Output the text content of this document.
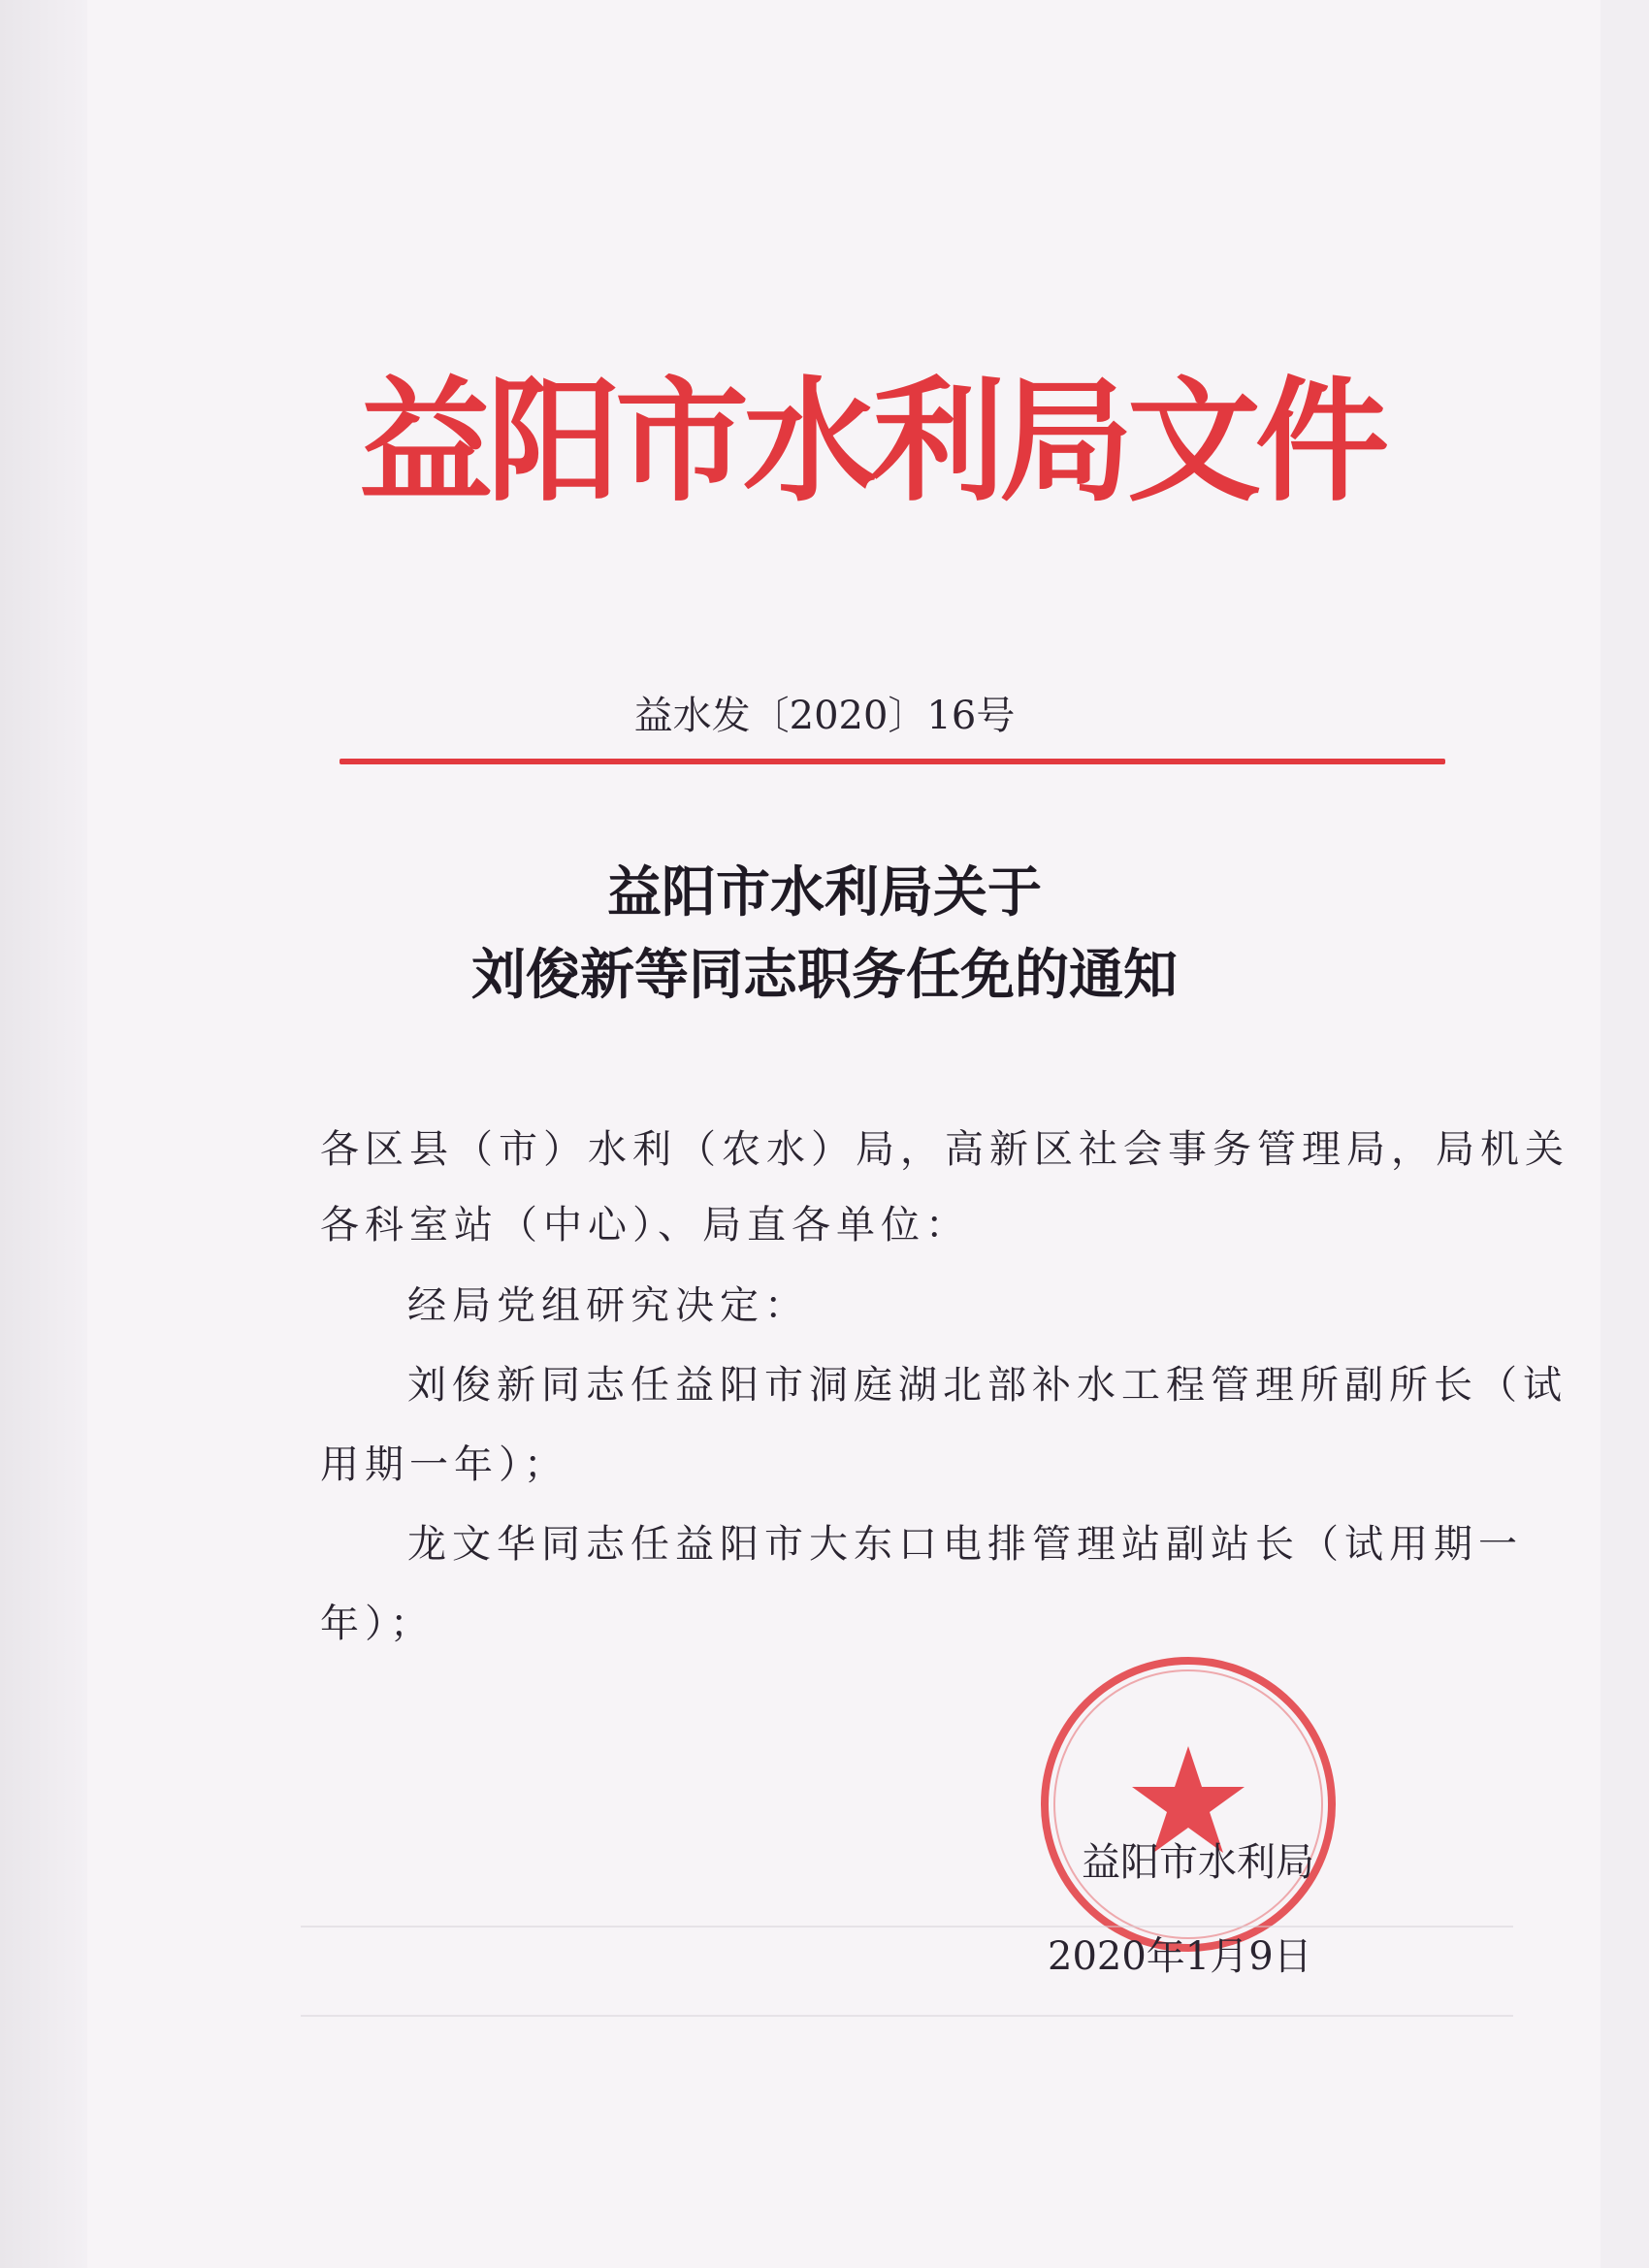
益阳市水利局文件
益水发〔2020〕16号
益阳市水利局关于
刘俊新等同志职务任免的通知
各区县（市）水利（农水）局，高新区社会事务管理局，局机关
各科室站（中心）、局直各单位：
经局党组研究决定：
刘俊新同志任益阳市洞庭湖北部补水工程管理所副所长（试
用期一年）；
龙文华同志任益阳市大东口电排管理站副站长（试用期一
年）；
益阳市水利局
2020年1月9日
